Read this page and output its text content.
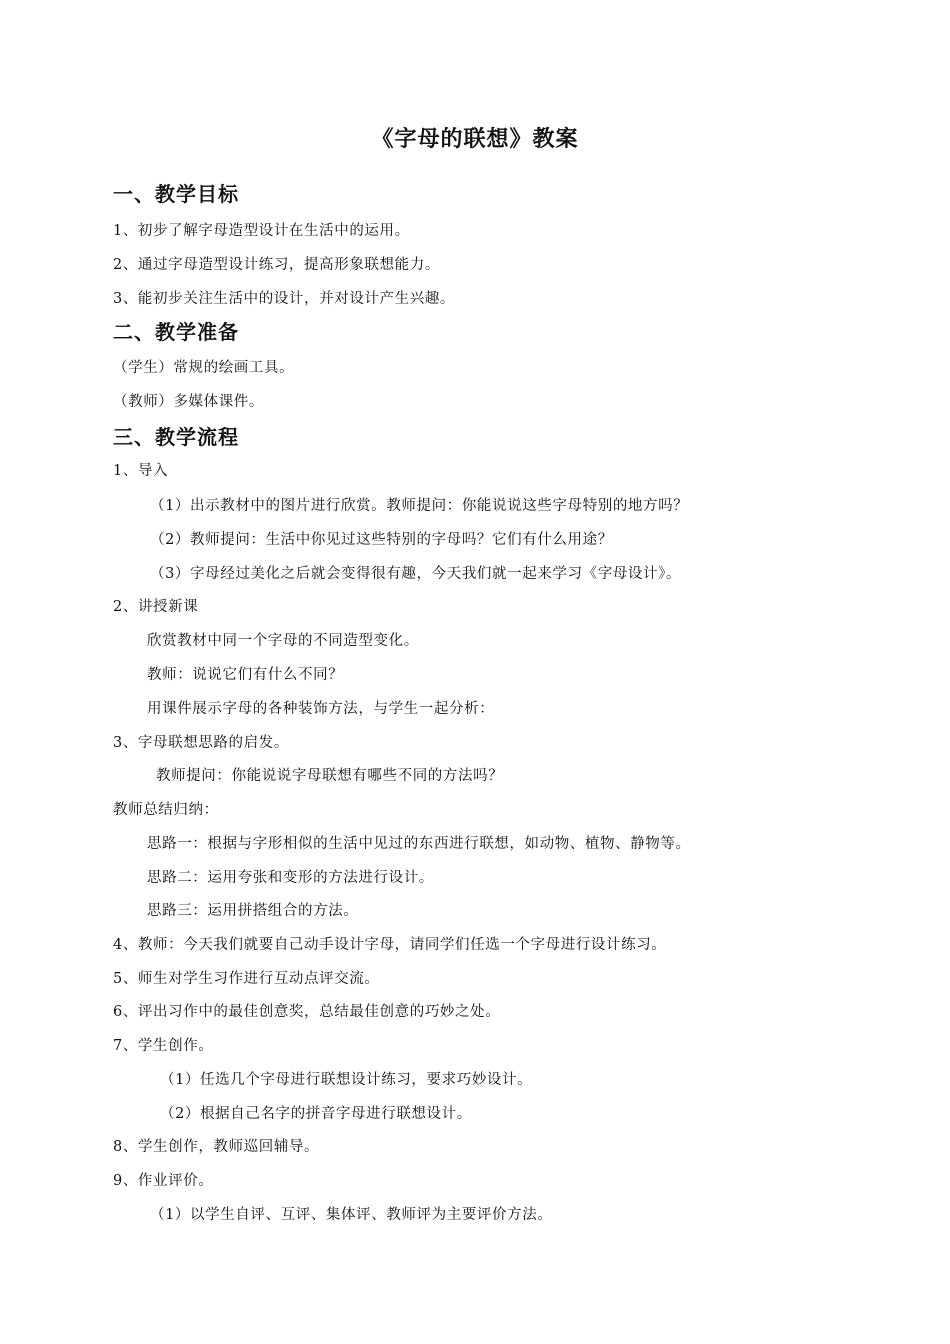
《字母的联想》教案
一、教学目标
1、初步了解字母造型设计在生活中的运用。
2、通过字母造型设计练习，提高形象联想能力。
3、能初步关注生活中的设计，并对设计产生兴趣。
二、教学准备
（学生）常规的绘画工具。
（教师）多媒体课件。
三、教学流程
1、导入
（1）出示教材中的图片进行欣赏。教师提问：你能说说这些字母特别的地方吗？
（2）教师提问：生活中你见过这些特别的字母吗？它们有什么用途？
（3）字母经过美化之后就会变得很有趣，今天我们就一起来学习《字母设计》。
2、讲授新课
欣赏教材中同一个字母的不同造型变化。
教师：说说它们有什么不同？
用课件展示字母的各种装饰方法，与学生一起分析：
3、字母联想思路的启发。
教师提问：你能说说字母联想有哪些不同的方法吗？
教师总结归纳：
思路一：根据与字形相似的生活中见过的东西进行联想，如动物、植物、静物等。
思路二：运用夸张和变形的方法进行设计。
思路三：运用拼搭组合的方法。
4、教师：今天我们就要自己动手设计字母，请同学们任选一个字母进行设计练习。
5、师生对学生习作进行互动点评交流。
6、评出习作中的最佳创意奖，总结最佳创意的巧妙之处。
7、学生创作。
（1）任选几个字母进行联想设计练习，要求巧妙设计。
（2）根据自己名字的拼音字母进行联想设计。
8、学生创作，教师巡回辅导。
9、作业评价。
（1）以学生自评、互评、集体评、教师评为主要评价方法。
